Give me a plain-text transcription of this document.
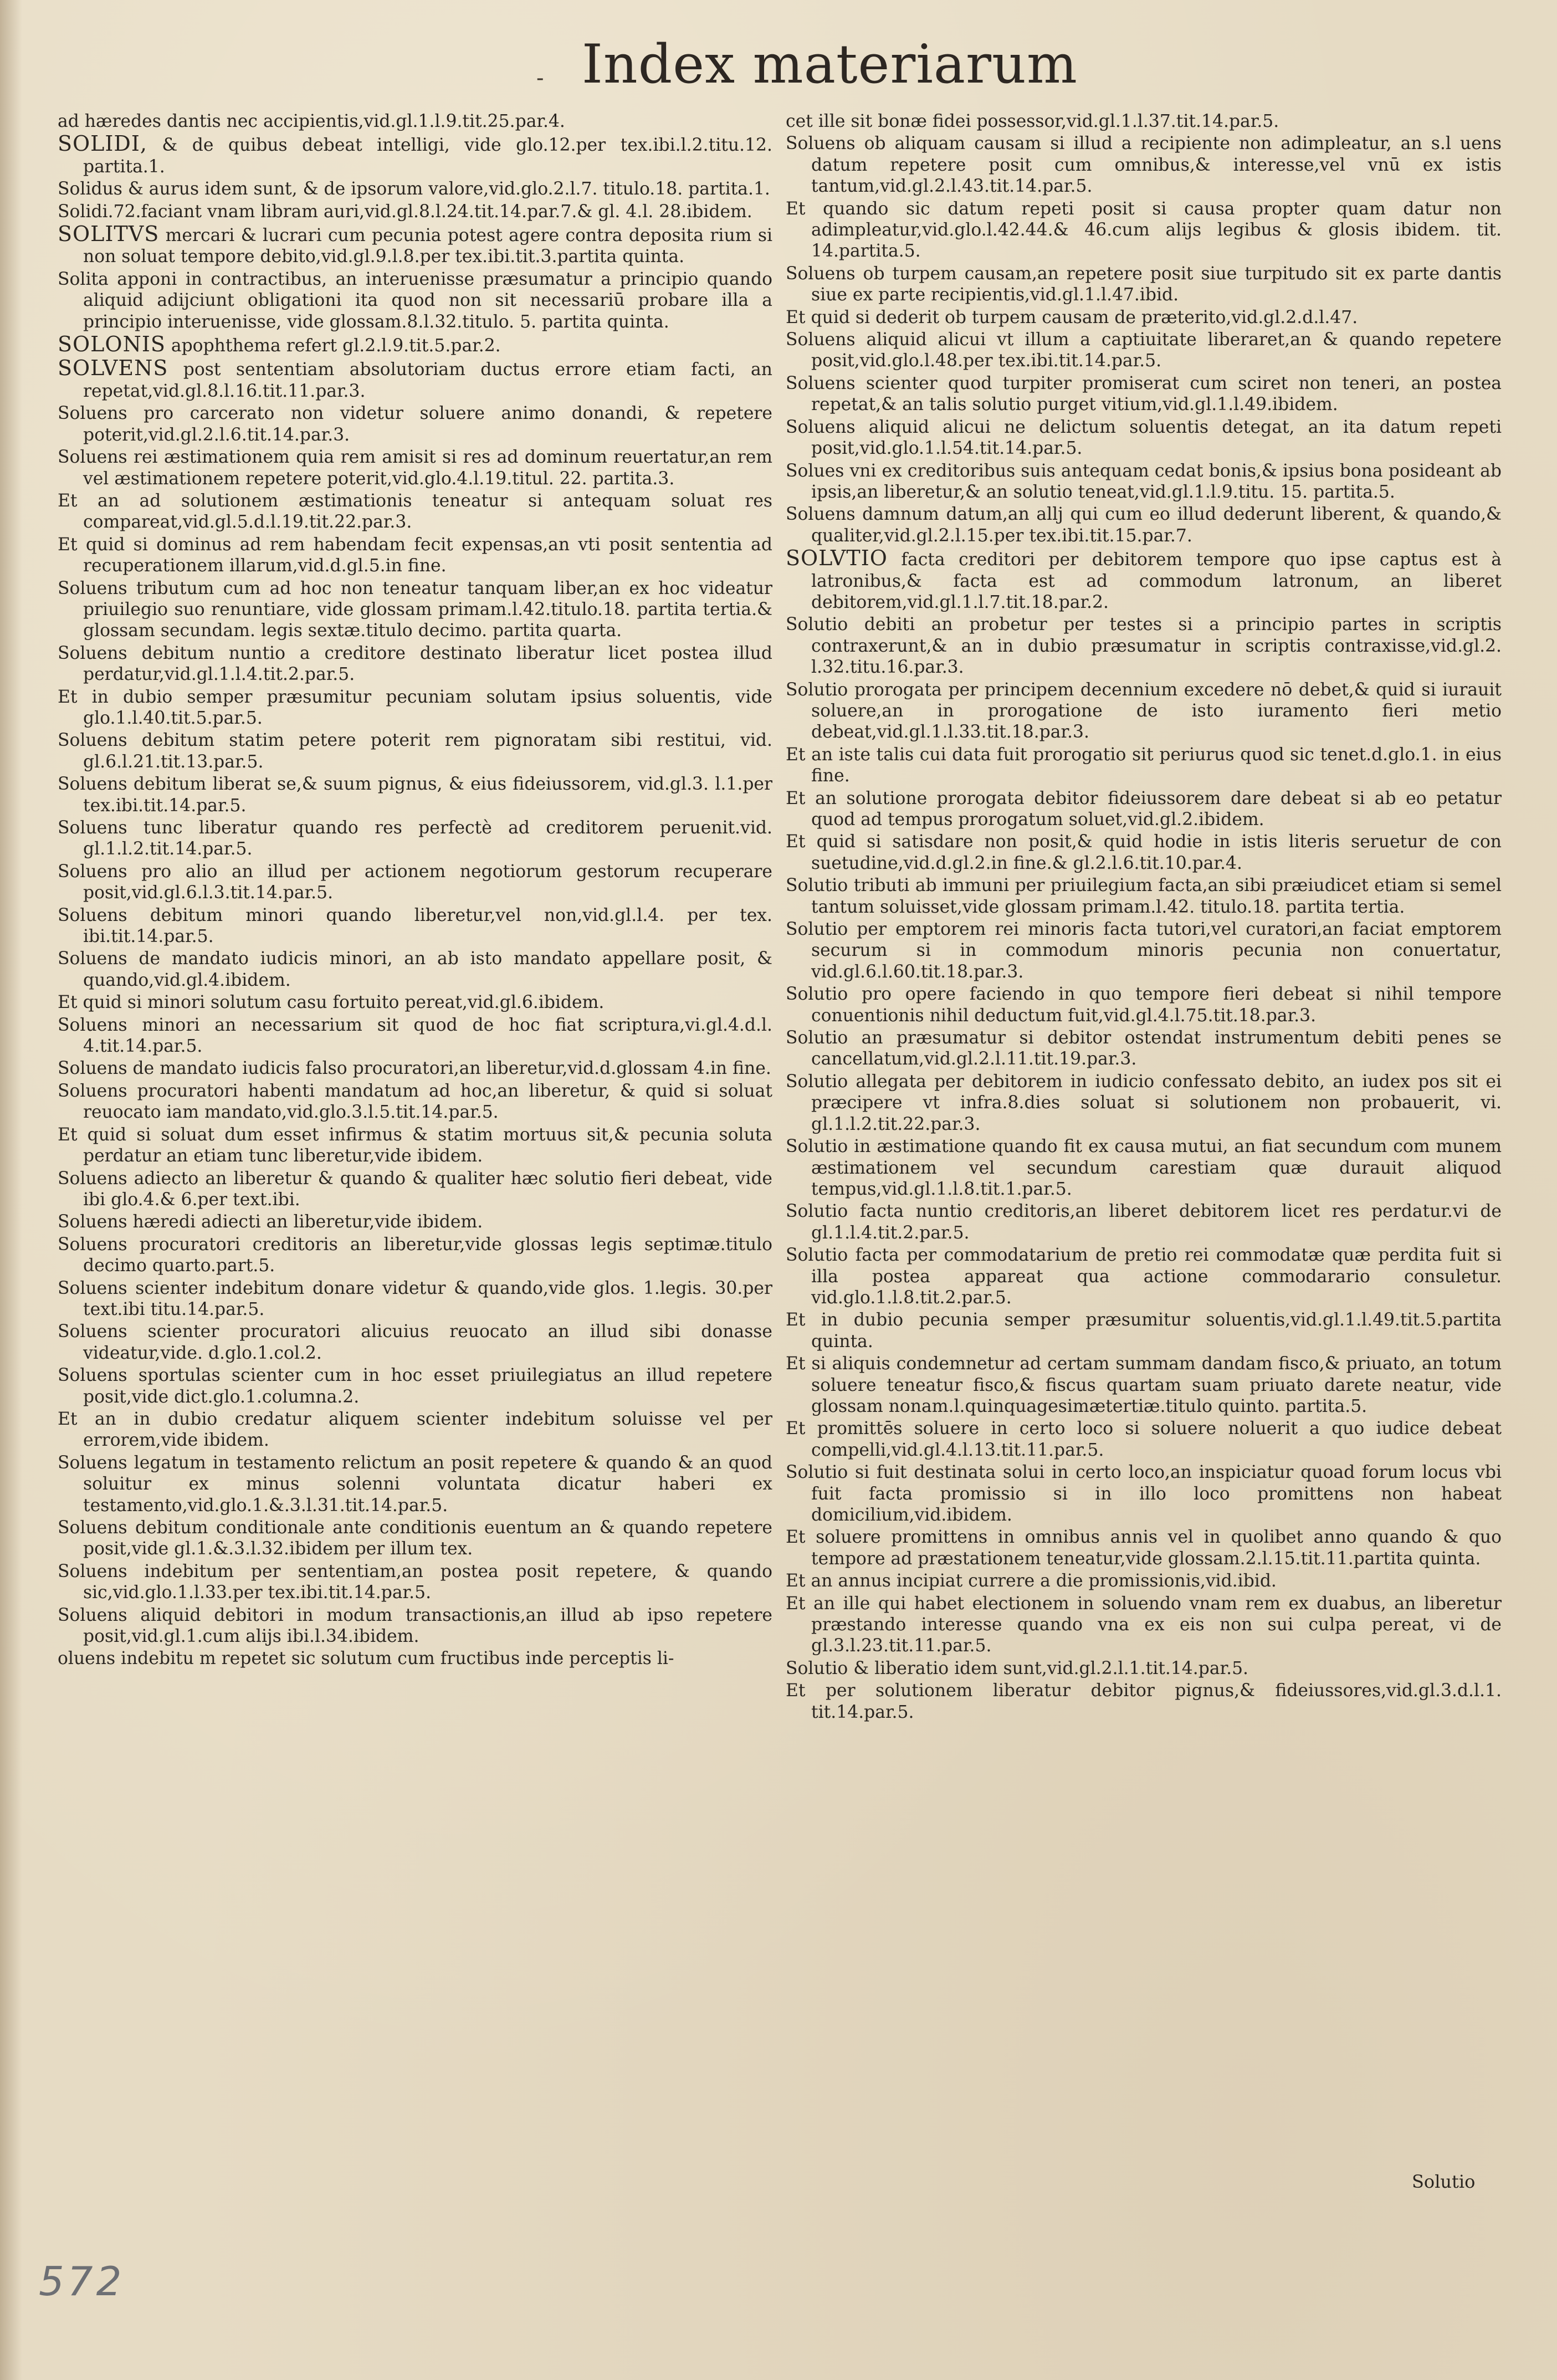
- Index materiarum

ad hæredes dantis nec accipientis,vid.gl.1.l.9.tit.25.par.4.

SOLIDI, & de quibus debeat intelligi, vide glo.12.per tex.ibi.l.2.titu.12. partita.1.

Solidus & aurus idem sunt, & de ipsorum valore,vid.glo.2.l.7. titulo.18. partita.1.

Solidi.72.faciant vnam libram auri,vid.gl.8.l.24.tit.14.par.7.& gl. 4.l. 28.ibidem.

SOLITVS mercari & lucrari cum pecunia potest agere contra deposita rium si non soluat tempore debito,vid.gl.9.l.8.per tex.ibi.tit.3.partita quinta.

Solita apponi in contractibus, an interuenisse præsumatur a principio quando aliquid adijciunt obligationi ita quod non sit necessariū probare illa a principio interuenisse, vide glossam.8.l.32.titulo. 5. partita quinta.

SOLONIS apophthema refert gl.2.l.9.tit.5.par.2.

SOLVENS post sententiam absolutoriam ductus errore etiam facti, an repetat,vid.gl.8.l.16.tit.11.par.3.

Soluens pro carcerato non videtur soluere animo donandi, & repetere poterit,vid.gl.2.l.6.tit.14.par.3.

Soluens rei æstimationem quia rem amisit si res ad dominum reuertatur,an rem vel æstimationem repetere poterit,vid.glo.4.l.19.titul. 22. partita.3.

Et an ad solutionem æstimationis teneatur si antequam soluat res compareat,vid.gl.5.d.l.19.tit.22.par.3.

Et quid si dominus ad rem habendam fecit expensas,an vti posit sententia ad recuperationem illarum,vid.d.gl.5.in fine.

Soluens tributum cum ad hoc non teneatur tanquam liber,an ex hoc videatur priuilegio suo renuntiare, vide glossam primam.l.42.titulo.18. partita tertia.& glossam secundam. legis sextæ.titulo decimo. partita quarta.

Soluens debitum nuntio a creditore destinato liberatur licet postea illud perdatur,vid.gl.1.l.4.tit.2.par.5.

Et in dubio semper præsumitur pecuniam solutam ipsius soluentis, vide glo.1.l.40.tit.5.par.5.

Soluens debitum statim petere poterit rem pignoratam sibi restitui, vid. gl.6.l.21.tit.13.par.5.

Soluens debitum liberat se,& suum pignus, & eius fideiussorem, vid.gl.3. l.1.per tex.ibi.tit.14.par.5.

Soluens tunc liberatur quando res perfectè ad creditorem peruenit.vid. gl.1.l.2.tit.14.par.5.

Soluens pro alio an illud per actionem negotiorum gestorum recuperare posit,vid.gl.6.l.3.tit.14.par.5.

Soluens debitum minori quando liberetur,vel non,vid.gl.l.4. per tex. ibi.tit.14.par.5.

Soluens de mandato iudicis minori, an ab isto mandato appellare posit, & quando,vid.gl.4.ibidem.

Et quid si minori solutum casu fortuito pereat,vid.gl.6.ibidem.

Soluens minori an necessarium sit quod de hoc fiat scriptura,vi.gl.4.d.l. 4.tit.14.par.5.

Soluens de mandato iudicis falso procuratori,an liberetur,vid.d.glossam 4.in fine.

Soluens procuratori habenti mandatum ad hoc,an liberetur, & quid si soluat reuocato iam mandato,vid.glo.3.l.5.tit.14.par.5.

Et quid si soluat dum esset infirmus & statim mortuus sit,& pecunia soluta perdatur an etiam tunc liberetur,vide ibidem.

Soluens adiecto an liberetur & quando & qualiter hæc solutio fieri debeat, vide ibi glo.4.& 6.per text.ibi.

Soluens hæredi adiecti an liberetur,vide ibidem.

Soluens procuratori creditoris an liberetur,vide glossas legis septimæ.titulo decimo quarto.part.5.

Soluens scienter indebitum donare videtur & quando,vide glos. 1.legis. 30.per text.ibi titu.14.par.5.

Soluens scienter procuratori alicuius reuocato an illud sibi donasse videatur,vide. d.glo.1.col.2.

Soluens sportulas scienter cum in hoc esset priuilegiatus an illud repetere posit,vide dict.glo.1.columna.2.

Et an in dubio credatur aliquem scienter indebitum soluisse vel per errorem,vide ibidem.

Soluens legatum in testamento relictum an posit repetere & quando & an quod soluitur ex minus solenni voluntata dicatur haberi ex testamento,vid.glo.1.&.3.l.31.tit.14.par.5.

Soluens debitum conditionale ante conditionis euentum an & quando repetere posit,vide gl.1.&.3.l.32.ibidem per illum tex.

Soluens indebitum per sententiam,an postea posit repetere, & quando sic,vid.glo.1.l.33.per tex.ibi.tit.14.par.5.

Soluens aliquid debitori in modum transactionis,an illud ab ipso repetere posit,vid.gl.1.cum alijs ibi.l.34.ibidem.

oluens indebitu m repetet sic solutum cum fructibus inde perceptis li-

cet ille sit bonæ fidei possessor,vid.gl.1.l.37.tit.14.par.5.

Soluens ob aliquam causam si illud a recipiente non adimpleatur, an s.l uens datum repetere posit cum omnibus,& interesse,vel vnū ex istis tantum,vid.gl.2.l.43.tit.14.par.5.

Et quando sic datum repeti posit si causa propter quam datur non adimpleatur,vid.glo.l.42.44.& 46.cum alijs legibus & glosis ibidem. tit. 14.partita.5.

Soluens ob turpem causam,an repetere posit siue turpitudo sit ex parte dantis siue ex parte recipientis,vid.gl.1.l.47.ibid.

Et quid si dederit ob turpem causam de præterito,vid.gl.2.d.l.47.

Soluens aliquid alicui vt illum a captiuitate liberaret,an & quando repetere posit,vid.glo.l.48.per tex.ibi.tit.14.par.5.

Soluens scienter quod turpiter promiserat cum sciret non teneri, an postea repetat,& an talis solutio purget vitium,vid.gl.1.l.49.ibidem.

Soluens aliquid alicui ne delictum soluentis detegat, an ita datum repeti posit,vid.glo.1.l.54.tit.14.par.5.

Solues vni ex creditoribus suis antequam cedat bonis,& ipsius bona posideant ab ipsis,an liberetur,& an solutio teneat,vid.gl.1.l.9.titu. 15. partita.5.

Soluens damnum datum,an allj qui cum eo illud dederunt liberent, & quando,& qualiter,vid.gl.2.l.15.per tex.ibi.tit.15.par.7.

SOLVTIO facta creditori per debitorem tempore quo ipse captus est à latronibus,& facta est ad commodum latronum, an liberet debitorem,vid.gl.1.l.7.tit.18.par.2.

Solutio debiti an probetur per testes si a principio partes in scriptis contraxerunt,& an in dubio præsumatur in scriptis contraxisse,vid.gl.2. l.32.titu.16.par.3.

Solutio prorogata per principem decennium excedere nō debet,& quid si iurauit soluere,an in prorogatione de isto iuramento fieri metio debeat,vid.gl.1.l.33.tit.18.par.3.

Et an iste talis cui data fuit prorogatio sit periurus quod sic tenet.d.glo.1. in eius fine.

Et an solutione prorogata debitor fideiussorem dare debeat si ab eo petatur quod ad tempus prorogatum soluet,vid.gl.2.ibidem.

Et quid si satisdare non posit,& quid hodie in istis literis seruetur de con suetudine,vid.d.gl.2.in fine.& gl.2.l.6.tit.10.par.4.

Solutio tributi ab immuni per priuilegium facta,an sibi præiudicet etiam si semel tantum soluisset,vide glossam primam.l.42. titulo.18. partita tertia.

Solutio per emptorem rei minoris facta tutori,vel curatori,an faciat emptorem securum si in commodum minoris pecunia non conuertatur, vid.gl.6.l.60.tit.18.par.3.

Solutio pro opere faciendo in quo tempore fieri debeat si nihil tempore conuentionis nihil deductum fuit,vid.gl.4.l.75.tit.18.par.3.

Solutio an præsumatur si debitor ostendat instrumentum debiti penes se cancellatum,vid.gl.2.l.11.tit.19.par.3.

Solutio allegata per debitorem in iudicio confessato debito, an iudex pos sit ei præcipere vt infra.8.dies soluat si solutionem non probauerit, vi. gl.1.l.2.tit.22.par.3.

Solutio in æstimatione quando fit ex causa mutui, an fiat secundum com munem æstimationem vel secundum carestiam quæ durauit aliquod tempus,vid.gl.1.l.8.tit.1.par.5.

Solutio facta nuntio creditoris,an liberet debitorem licet res perdatur.vi de gl.1.l.4.tit.2.par.5.

Solutio facta per commodatarium de pretio rei commodatæ quæ perdita fuit si illa postea appareat qua actione commodarario consuletur. vid.glo.1.l.8.tit.2.par.5.

Et in dubio pecunia semper præsumitur soluentis,vid.gl.1.l.49.tit.5.partita quinta.

Et si aliquis condemnetur ad certam summam dandam fisco,& priuato, an totum soluere teneatur fisco,& fiscus quartam suam priuato darete neatur, vide glossam nonam.l.quinquagesimætertiæ.titulo quinto. partita.5.

Et promittēs soluere in certo loco si soluere noluerit a quo iudice debeat compelli,vid.gl.4.l.13.tit.11.par.5.

Solutio si fuit destinata solui in certo loco,an inspiciatur quoad forum locus vbi fuit facta promissio si in illo loco promittens non habeat domicilium,vid.ibidem.

Et soluere promittens in omnibus annis vel in quolibet anno quando & quo tempore ad præstationem teneatur,vide glossam.2.l.15.tit.11.partita quinta.

Et an annus incipiat currere a die promissionis,vid.ibid.

Et an ille qui habet electionem in soluendo vnam rem ex duabus, an liberetur præstando interesse quando vna ex eis non sui culpa pereat, vi de gl.3.l.23.tit.11.par.5.

Solutio & liberatio idem sunt,vid.gl.2.l.1.tit.14.par.5.

Et per solutionem liberatur debitor pignus,& fideiussores,vid.gl.3.d.l.1. tit.14.par.5.

Solutio
572
